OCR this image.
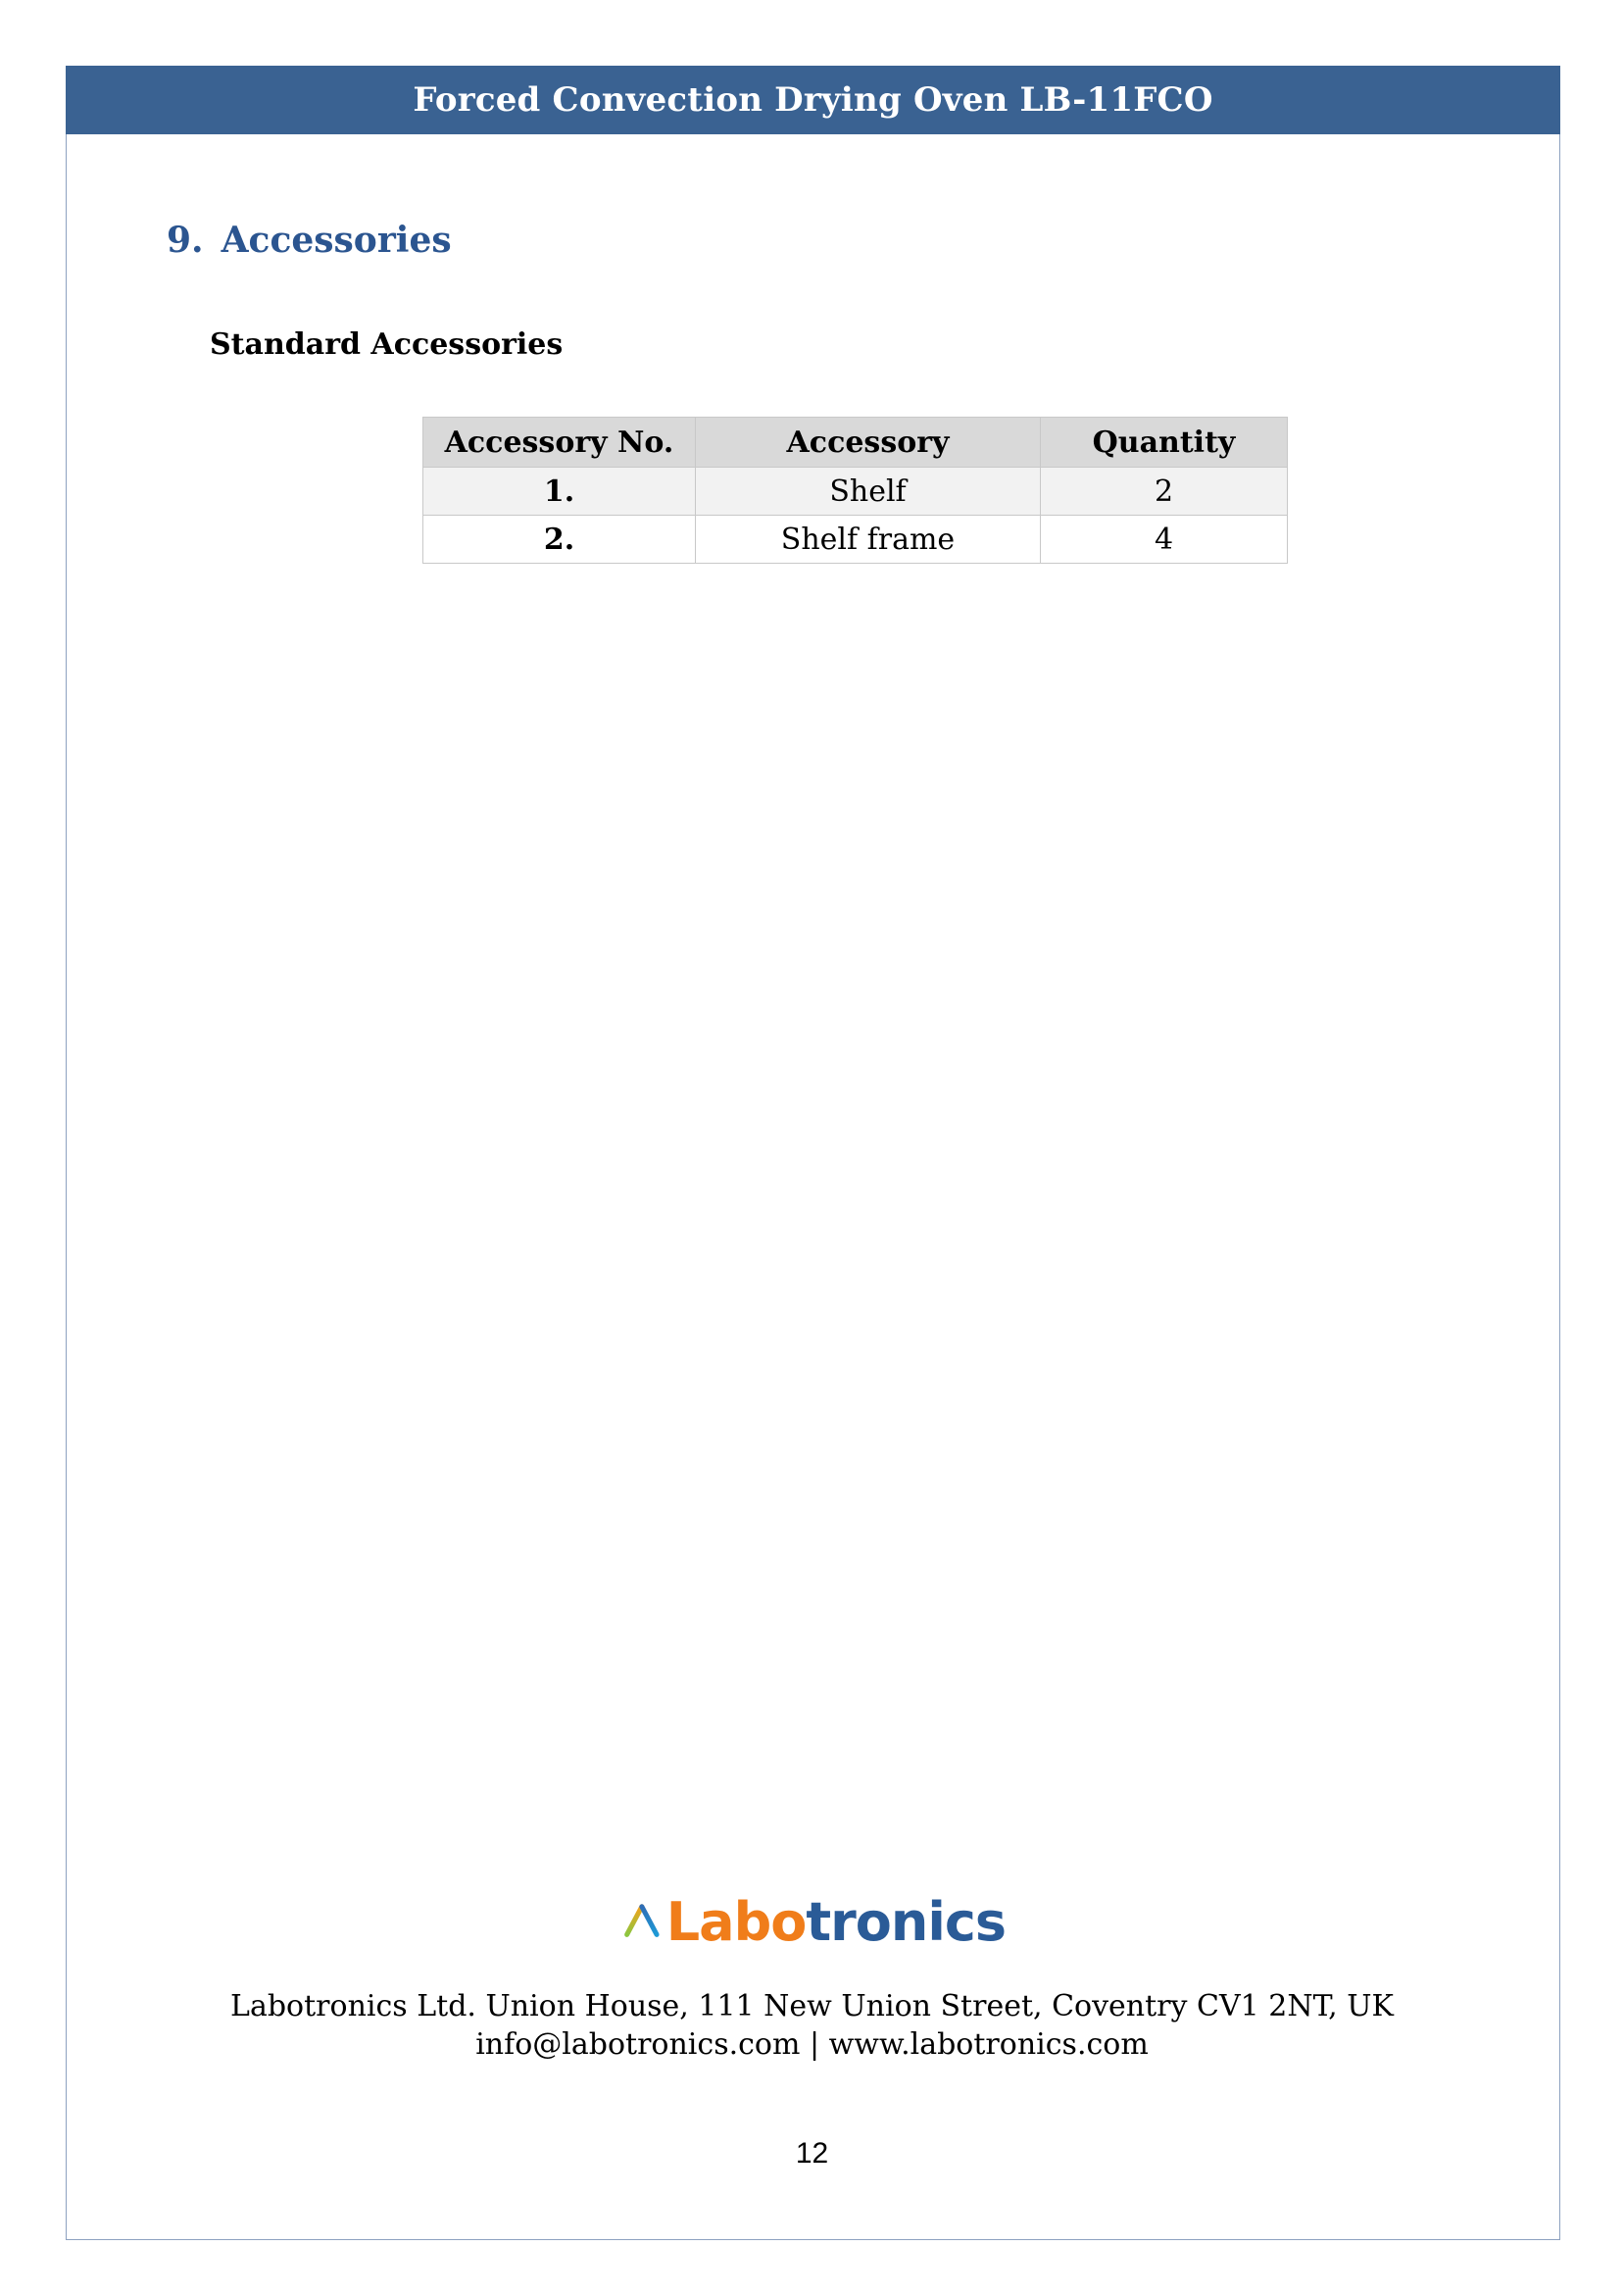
Forced Convection Drying Oven LB-11FCO
9. Accessories
Standard Accessories
Accessory No.	Accessory	Quantity
1.	Shelf	2
2.	Shelf frame	4
Labotronics
Labotronics Ltd. Union House, 111 New Union Street, Coventry CV1 2NT, UK
info@labotronics.com | www.labotronics.com
12
